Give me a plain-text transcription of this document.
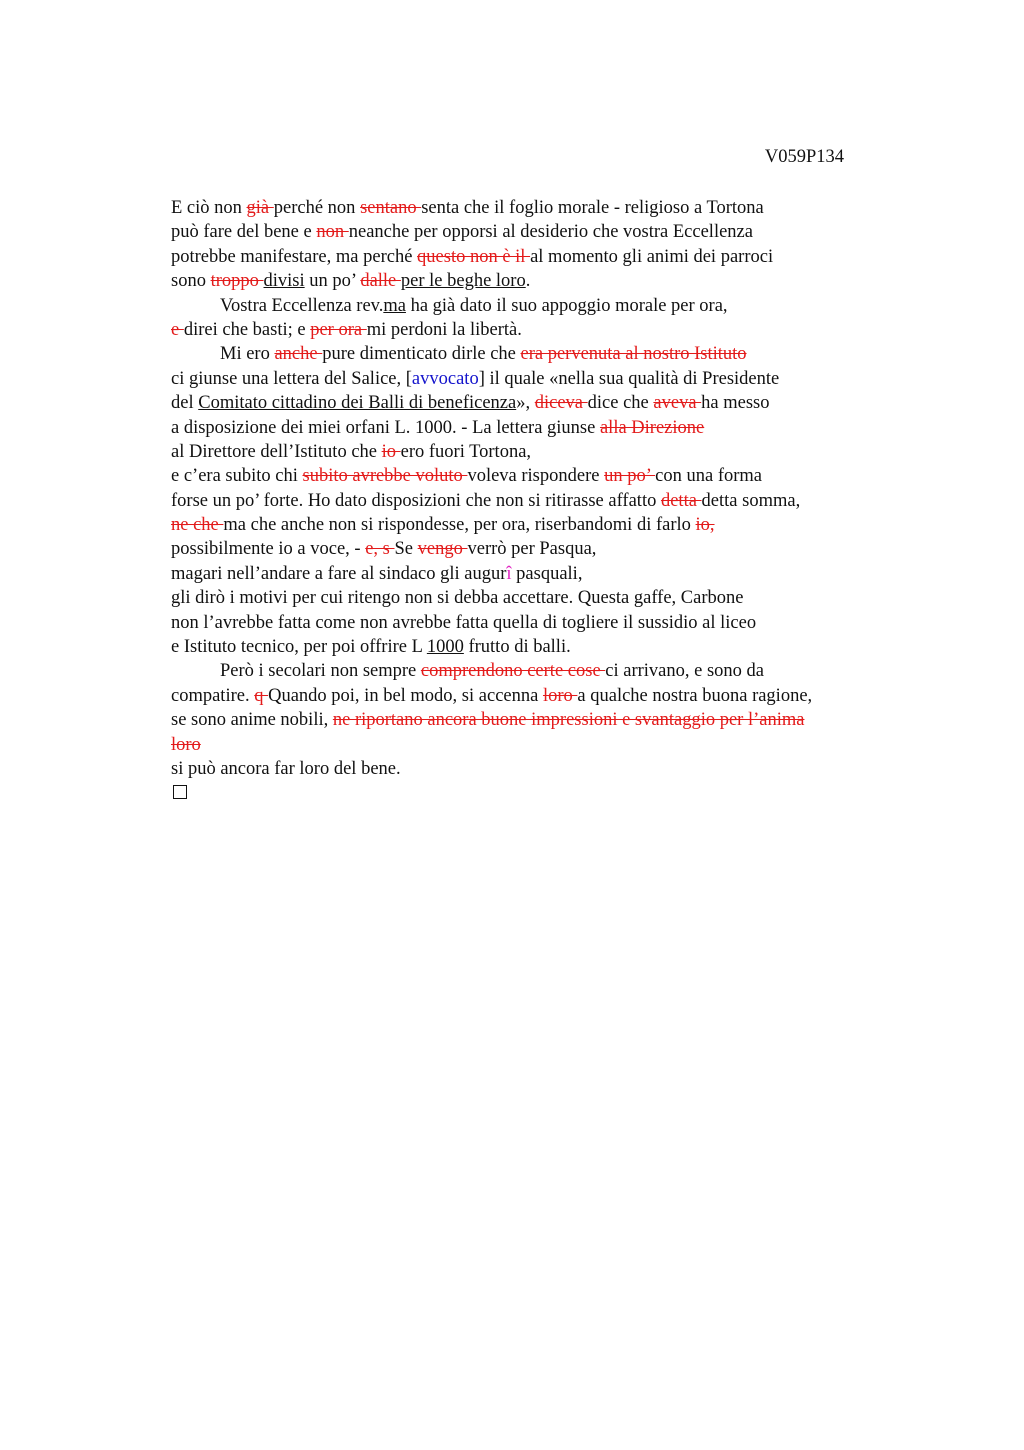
V059P134
E ciò non già perché non sentano senta che il foglio morale - religioso a Tortona
può fare del bene e non neanche per opporsi al desiderio che vostra Eccellenza
potrebbe manifestare, ma perché questo non è il al momento gli animi dei parroci
sono troppo divisi un po’ dalle per le beghe loro.
Vostra Eccellenza rev.ma ha già dato il suo appoggio morale per ora,
e direi che basti; e per ora mi perdoni la libertà.
Mi ero anche pure dimenticato dirle che era pervenuta al nostro Istituto
ci giunse una lettera del Salice, [avvocato] il quale «nella sua qualità di Presidente
del Comitato cittadino dei Balli di beneficenza», diceva dice che aveva ha messo
a disposizione dei miei orfani L. 1000. - La lettera giunse alla Direzione
al Direttore dell’Istituto che io ero fuori Tortona,
e c’era subito chi subito avrebbe voluto voleva rispondere un po’ con una forma
forse un po’ forte. Ho dato disposizioni che non si ritirasse affatto detta detta somma,
ne che ma che anche non si rispondesse, per ora, riserbandomi di farlo io,
possibilmente io a voce, - e, s Se vengo verrò per Pasqua,
magari nell’andare a fare al sindaco gli augurî pasquali,
gli dirò i motivi per cui ritengo non si debba accettare. Questa gaffe, Carbone
non l’avrebbe fatta come non avrebbe fatta quella di togliere il sussidio al liceo
e Istituto tecnico, per poi offrire L 1000 frutto di balli.
Però i secolari non sempre comprendono certe cose ci arrivano, e sono da
compatire. q Quando poi, in bel modo, si accenna loro a qualche nostra buona ragione,
se sono anime nobili, ne riportano ancora buone impressioni e svantaggio per l’anima
loro
si può ancora far loro del bene.
